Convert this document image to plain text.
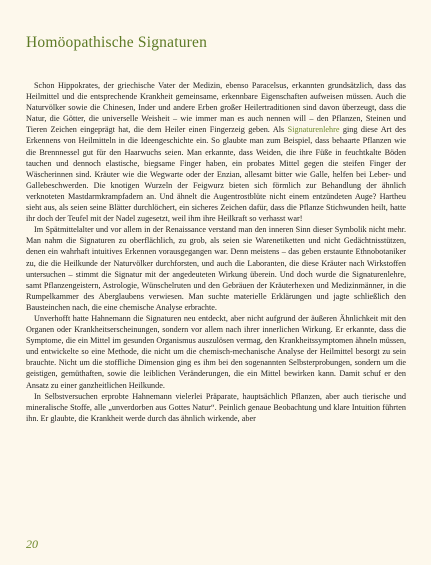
Homöopathische Signaturen

Schon Hippokrates, der griechische Vater der Medizin, ebenso Paracelsus, erkannten grundsätzlich, dass das Heilmittel und die entsprechende Krankheit gemeinsame, erkennbare Eigenschaften aufweisen müssen. Auch die Naturvölker sowie die Chinesen, Inder und andere Erben großer Heilertraditionen sind davon überzeugt, dass die Natur, die Götter, die universelle Weisheit – wie immer man es auch nennen will – den Pflanzen, Steinen und Tieren Zeichen eingeprägt hat, die dem Heiler einen Fingerzeig geben. Als Signaturenlehre ging diese Art des Erkennens von Heilmitteln in die Ideengeschichte ein. So glaubte man zum Beispiel, dass behaarte Pflanzen wie die Brennnessel gut für den Haarwuchs seien. Man erkannte, dass Weiden, die ihre Füße in feuchtkalte Böden tauchen und dennoch elastische, biegsame Finger haben, ein probates Mittel gegen die steifen Finger der Wäscherinnen sind. Kräuter wie die Wegwarte oder der Enzian, allesamt bitter wie Galle, helfen bei Leber- und Gallebeschwerden. Die knotigen Wurzeln der Feigwurz bieten sich förmlich zur Behandlung der ähnlich verknoteten Mastdarmkrampfadern an. Und ähnelt die Augentrostblüte nicht einem entzündeten Auge? Hartheu sieht aus, als seien seine Blätter durchlöchert, ein sicheres Zeichen dafür, dass die Pflanze Stichwunden heilt, hatte ihr doch der Teufel mit der Nadel zugesetzt, weil ihm ihre Heilkraft so verhasst war!

Im Spätmittelalter und vor allem in der Renaissance verstand man den inneren Sinn dieser Symbolik nicht mehr. Man nahm die Signaturen zu oberflächlich, zu grob, als seien sie Warenetiketten und nicht Gedächtnisstützen, denen ein wahrhaft intuitives Erkennen vorausgegangen war. Denn meistens – das geben erstaunte Ethnobotaniker zu, die die Heilkunde der Naturvölker durchforsten, und auch die Laboranten, die diese Kräuter nach Wirkstoffen untersuchen – stimmt die Signatur mit der angedeuteten Wirkung überein. Und doch wurde die Signaturenlehre, samt Pflanzengeistern, Astrologie, Wünschelruten und den Gebräuen der Kräuterhexen und Medizinmänner, in die Rumpelkammer des Aberglaubens verwiesen. Man suchte materielle Erklärungen und jagte schließlich den Bausteinchen nach, die eine chemische Analyse erbrachte.

Unverhofft hatte Hahnemann die Signaturen neu entdeckt, aber nicht aufgrund der äußeren Ähnlichkeit mit den Organen oder Krankheitserscheinungen, sondern vor allem nach ihrer innerlichen Wirkung. Er erkannte, dass die Symptome, die ein Mittel im gesunden Organismus auszulösen vermag, den Krankheitssymptomen ähneln müssen, und entwickelte so eine Methode, die nicht um die chemisch-mechanische Analyse der Heilmittel besorgt zu sein brauchte. Nicht um die stoffliche Dimension ging es ihm bei den sogenannten Selbsterprobungen, sondern um die geistigen, gemüthaften, sowie die leiblichen Veränderungen, die ein Mittel bewirken kann. Damit schuf er den Ansatz zu einer ganzheitlichen Heilkunde.

In Selbstversuchen erprobte Hahnemann vielerlei Präparate, hauptsächlich Pflanzen, aber auch tierische und mineralische Stoffe, alle „unverdorben aus Gottes Natur“. Peinlich genaue Beobachtung und klare Intuition führten ihn. Er glaubte, die Krankheit werde durch das ähnlich wirkende, aber

20
